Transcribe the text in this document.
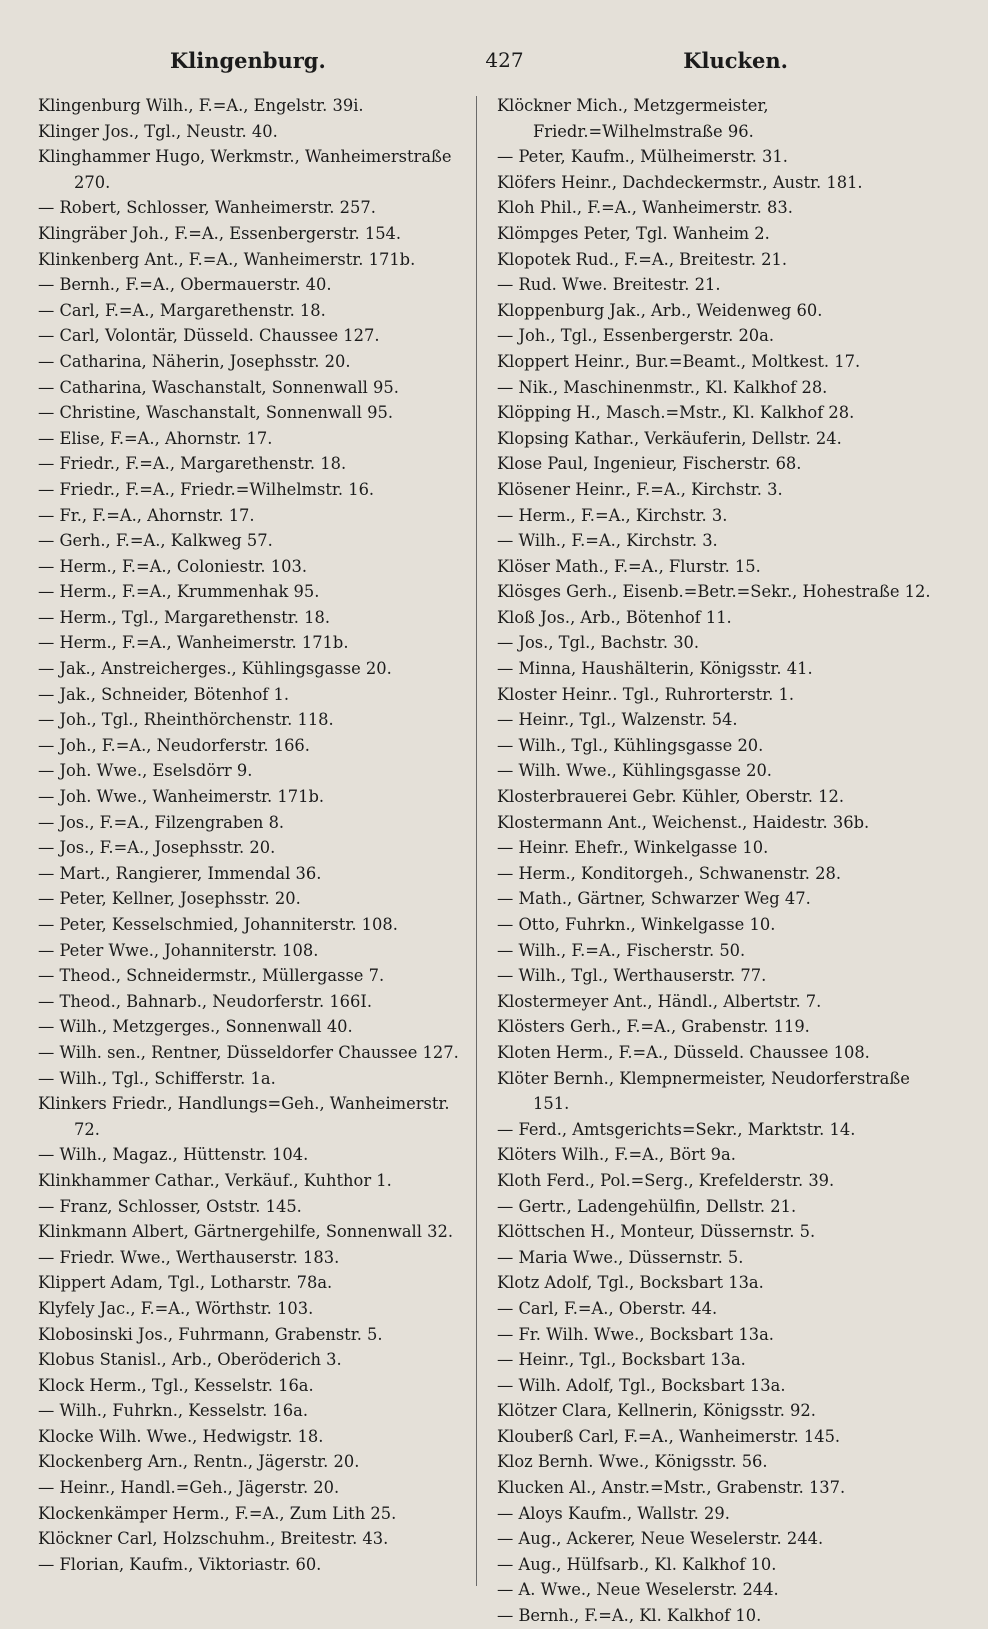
Klingenburg.	427	Klucken.
Klingenburg Wilh., F.=A., Engelstr. 39i.
Klinger Jos., Tgl., Neustr. 40.
Klinghammer Hugo, Werkmstr., Wanheimerstraße 270.
— Robert, Schlosser, Wanheimerstr. 257.
Klingräber Joh., F.=A., Essenbergerstr. 154.
Klinkenberg Ant., F.=A., Wanheimerstr. 171b.
— Bernh., F.=A., Obermauerstr. 40.
— Carl, F.=A., Margarethenstr. 18.
— Carl, Volontär, Düsseld. Chaussee 127.
— Catharina, Näherin, Josephsstr. 20.
— Catharina, Waschanstalt, Sonnenwall 95.
— Christine, Waschanstalt, Sonnenwall 95.
— Elise, F.=A., Ahornstr. 17.
— Friedr., F.=A., Margarethenstr. 18.
— Friedr., F.=A., Friedr.=Wilhelmstr. 16.
— Fr., F.=A., Ahornstr. 17.
— Gerh., F.=A., Kalkweg 57.
— Herm., F.=A., Coloniestr. 103.
— Herm., F.=A., Krummenhak 95.
— Herm., Tgl., Margarethenstr. 18.
— Herm., F.=A., Wanheimerstr. 171b.
— Jak., Anstreicherges., Kühlingsgasse 20.
— Jak., Schneider, Bötenhof 1.
— Joh., Tgl., Rheinthörchenstr. 118.
— Joh., F.=A., Neudorferstr. 166.
— Joh. Wwe., Eselsdörr 9.
— Joh. Wwe., Wanheimerstr. 171b.
— Jos., F.=A., Filzengraben 8.
— Jos., F.=A., Josephsstr. 20.
— Mart., Rangierer, Immendal 36.
— Peter, Kellner, Josephsstr. 20.
— Peter, Kesselschmied, Johanniterstr. 108.
— Peter Wwe., Johanniterstr. 108.
— Theod., Schneidermstr., Müllergasse 7.
— Theod., Bahnarb., Neudorferstr. 166I.
— Wilh., Metzgerges., Sonnenwall 40.
— Wilh. sen., Rentner, Düsseldorfer Chaussee 127.
— Wilh., Tgl., Schifferstr. 1a.
Klinkers Friedr., Handlungs=Geh., Wanheimerstr. 72.
— Wilh., Magaz., Hüttenstr. 104.
Klinkhammer Cathar., Verkäuf., Kuhthor 1.
— Franz, Schlosser, Oststr. 145.
Klinkmann Albert, Gärtnergehilfe, Sonnenwall 32.
— Friedr. Wwe., Werthauserstr. 183.
Klippert Adam, Tgl., Lotharstr. 78a.
Klyfely Jac., F.=A., Wörthstr. 103.
Klobosinski Jos., Fuhrmann, Grabenstr. 5.
Klobus Stanisl., Arb., Oberöderich 3.
Klock Herm., Tgl., Kesselstr. 16a.
— Wilh., Fuhrkn., Kesselstr. 16a.
Klocke Wilh. Wwe., Hedwigstr. 18.
Klockenberg Arn., Rentn., Jägerstr. 20.
— Heinr., Handl.=Geh., Jägerstr. 20.
Klockenkämper Herm., F.=A., Zum Lith 25.
Klöckner Carl, Holzschuhm., Breitestr. 43.
— Florian, Kaufm., Viktoriastr. 60.
Klöckner Mich., Metzgermeister, Friedr.=Wilhelmstraße 96.
— Peter, Kaufm., Mülheimerstr. 31.
Klöfers Heinr., Dachdeckermstr., Austr. 181.
Kloh Phil., F.=A., Wanheimerstr. 83.
Klömpges Peter, Tgl. Wanheim 2.
Klopotek Rud., F.=A., Breitestr. 21.
— Rud. Wwe. Breitestr. 21.
Kloppenburg Jak., Arb., Weidenweg 60.
— Joh., Tgl., Essenbergerstr. 20a.
Kloppert Heinr., Bur.=Beamt., Moltkest. 17.
— Nik., Maschinenmstr., Kl. Kalkhof 28.
Klöpping H., Masch.=Mstr., Kl. Kalkhof 28.
Klopsing Kathar., Verkäuferin, Dellstr. 24.
Klose Paul, Ingenieur, Fischerstr. 68.
Klösener Heinr., F.=A., Kirchstr. 3.
— Herm., F.=A., Kirchstr. 3.
— Wilh., F.=A., Kirchstr. 3.
Klöser Math., F.=A., Flurstr. 15.
Klösges Gerh., Eisenb.=Betr.=Sekr., Hohestraße 12.
Kloß Jos., Arb., Bötenhof 11.
— Jos., Tgl., Bachstr. 30.
— Minna, Haushälterin, Königsstr. 41.
Kloster Heinr.. Tgl., Ruhrorterstr. 1.
— Heinr., Tgl., Walzenstr. 54.
— Wilh., Tgl., Kühlingsgasse 20.
— Wilh. Wwe., Kühlingsgasse 20.
Klosterbrauerei Gebr. Kühler, Oberstr. 12.
Klostermann Ant., Weichenst., Haidestr. 36b.
— Heinr. Ehefr., Winkelgasse 10.
— Herm., Konditorgeh., Schwanenstr. 28.
— Math., Gärtner, Schwarzer Weg 47.
— Otto, Fuhrkn., Winkelgasse 10.
— Wilh., F.=A., Fischerstr. 50.
— Wilh., Tgl., Werthauserstr. 77.
Klostermeyer Ant., Händl., Albertstr. 7.
Klösters Gerh., F.=A., Grabenstr. 119.
Kloten Herm., F.=A., Düsseld. Chaussee 108.
Klöter Bernh., Klempnermeister, Neudorferstraße 151.
— Ferd., Amtsgerichts=Sekr., Marktstr. 14.
Klöters Wilh., F.=A., Bört 9a.
Kloth Ferd., Pol.=Serg., Krefelderstr. 39.
— Gertr., Ladengehülfin, Dellstr. 21.
Klöttschen H., Monteur, Düssernstr. 5.
— Maria Wwe., Düssernstr. 5.
Klotz Adolf, Tgl., Bocksbart 13a.
— Carl, F.=A., Oberstr. 44.
— Fr. Wilh. Wwe., Bocksbart 13a.
— Heinr., Tgl., Bocksbart 13a.
— Wilh. Adolf, Tgl., Bocksbart 13a.
Klötzer Clara, Kellnerin, Königsstr. 92.
Klouberß Carl, F.=A., Wanheimerstr. 145.
Kloz Bernh. Wwe., Königsstr. 56.
Klucken Al., Anstr.=Mstr., Grabenstr. 137.
— Aloys Kaufm., Wallstr. 29.
— Aug., Ackerer, Neue Weselerstr. 244.
— Aug., Hülfsarb., Kl. Kalkhof 10.
— A. Wwe., Neue Weselerstr. 244.
— Bernh., F.=A., Kl. Kalkhof 10.
